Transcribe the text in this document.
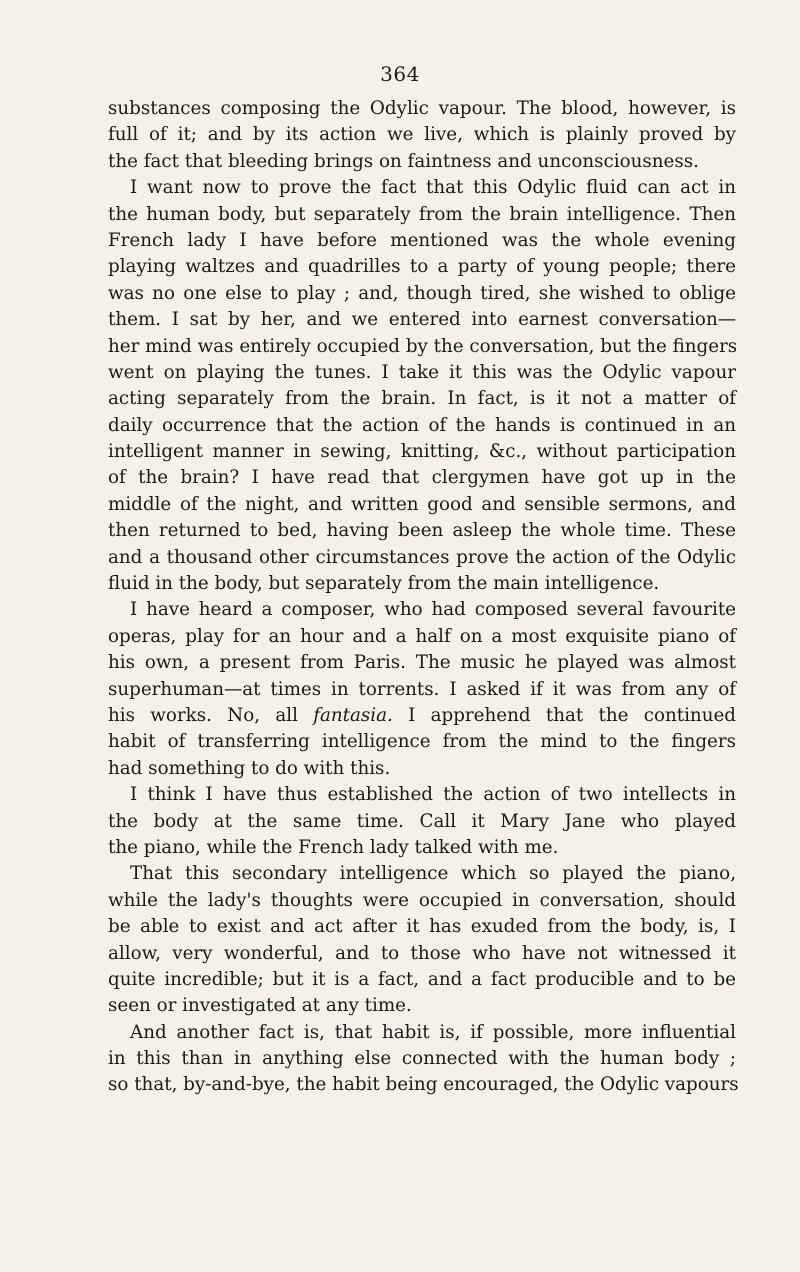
364
substances composing the Odylic vapour. The blood, however, is
full of it; and by its action we live, which is plainly proved by
the fact that bleeding brings on faintness and unconsciousness.
I want now to prove the fact that this Odylic fluid can act in
the human body, but separately from the brain intelligence. Then
French lady I have before mentioned was the whole evening
playing waltzes and quadrilles to a party of young people; there
was no one else to play ; and, though tired, she wished to oblige
them. I sat by her, and we entered into earnest conversation—
her mind was entirely occupied by the conversation, but the fingers
went on playing the tunes. I take it this was the Odylic vapour
acting separately from the brain. In fact, is it not a matter of
daily occurrence that the action of the hands is continued in an
intelligent manner in sewing, knitting, &c., without participation
of the brain? I have read that clergymen have got up in the
middle of the night, and written good and sensible sermons, and
then returned to bed, having been asleep the whole time. These
and a thousand other circumstances prove the action of the Odylic
fluid in the body, but separately from the main intelligence.
I have heard a composer, who had composed several favourite
operas, play for an hour and a half on a most exquisite piano of
his own, a present from Paris. The music he played was almost
superhuman—at times in torrents. I asked if it was from any of
his works. No, all fantasia. I apprehend that the continued
habit of transferring intelligence from the mind to the fingers
had something to do with this.
I think I have thus established the action of two intellects in
the body at the same time. Call it Mary Jane who played
the piano, while the French lady talked with me.
That this secondary intelligence which so played the piano,
while the lady's thoughts were occupied in conversation, should
be able to exist and act after it has exuded from the body, is, I
allow, very wonderful, and to those who have not witnessed it
quite incredible; but it is a fact, and a fact producible and to be
seen or investigated at any time.
And another fact is, that habit is, if possible, more influential
in this than in anything else connected with the human body ;
so that, by-and-bye, the habit being encouraged, the Odylic vapours
